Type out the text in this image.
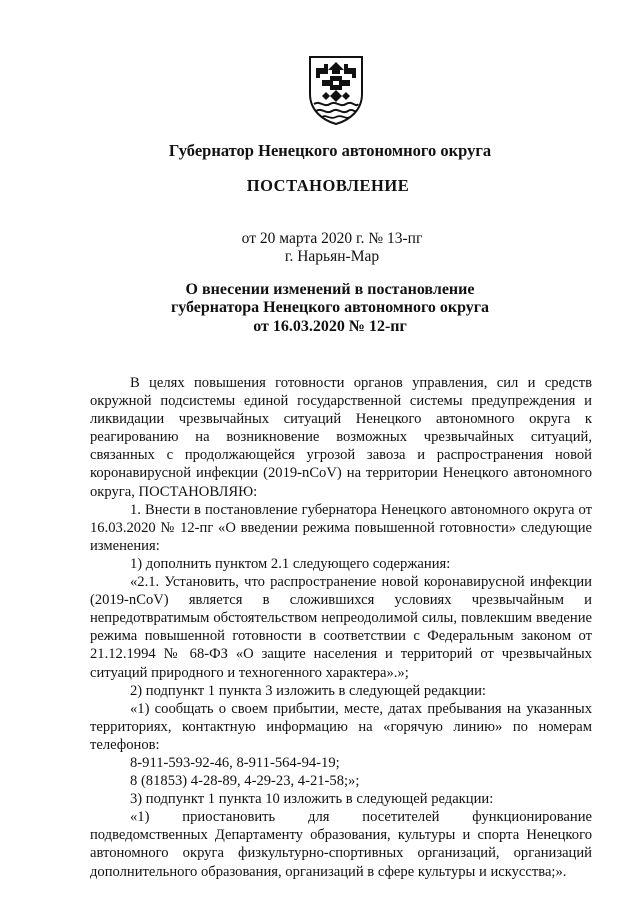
Губернатор Ненецкого автономного округа
ПОСТАНОВЛЕНИЕ
от 20 марта 2020 г. № 13-пг
г. Нарьян-Мар
О внесении изменений в постановление
губернатора Ненецкого автономного округа
от 16.03.2020 № 12-пг

В целях повышения готовности органов управления, сил и средств окружной подсистемы единой государственной системы предупреждения и ликвидации чрезвычайных ситуаций Ненецкого автономного округа к реагированию на возникновение возможных чрезвычайных ситуаций, связанных с продолжающейся угрозой завоза и распространения новой коронавирусной инфекции (2019-nCoV) на территории Ненецкого автономного округа, ПОСТАНОВЛЯЮ:

1. Внести в постановление губернатора Ненецкого автономного округа от 16.03.2020 № 12-пг «О введении режима повышенной готовности» следующие изменения:

1) дополнить пунктом 2.1 следующего содержания:

«2.1. Установить, что распространение новой коронавирусной инфекции (2019-nCoV) является в сложившихся условиях чрезвычайным и непредотвратимым обстоятельством непреодолимой силы, повлекшим введение режима повышенной готовности в соответствии с Федеральным законом от 21.12.1994 № 68-ФЗ «О защите населения и территорий от чрезвычайных ситуаций природного и техногенного характера».»;

2) подпункт 1 пункта 3 изложить в следующей редакции:

«1) сообщать о своем прибытии, месте, датах пребывания на указанных территориях, контактную информацию на «горячую линию» по номерам телефонов:

8-911-593-92-46, 8-911-564-94-19;

8 (81853) 4-28-89, 4-29-23, 4-21-58;»;

3) подпункт 1 пункта 10 изложить в следующей редакции:

«1) приостановить для посетителей функционирование подведомственных Департаменту образования, культуры и спорта Ненецкого автономного округа физкультурно-спортивных организаций, организаций дополнительного образования, организаций в сфере культуры и искусства;».
